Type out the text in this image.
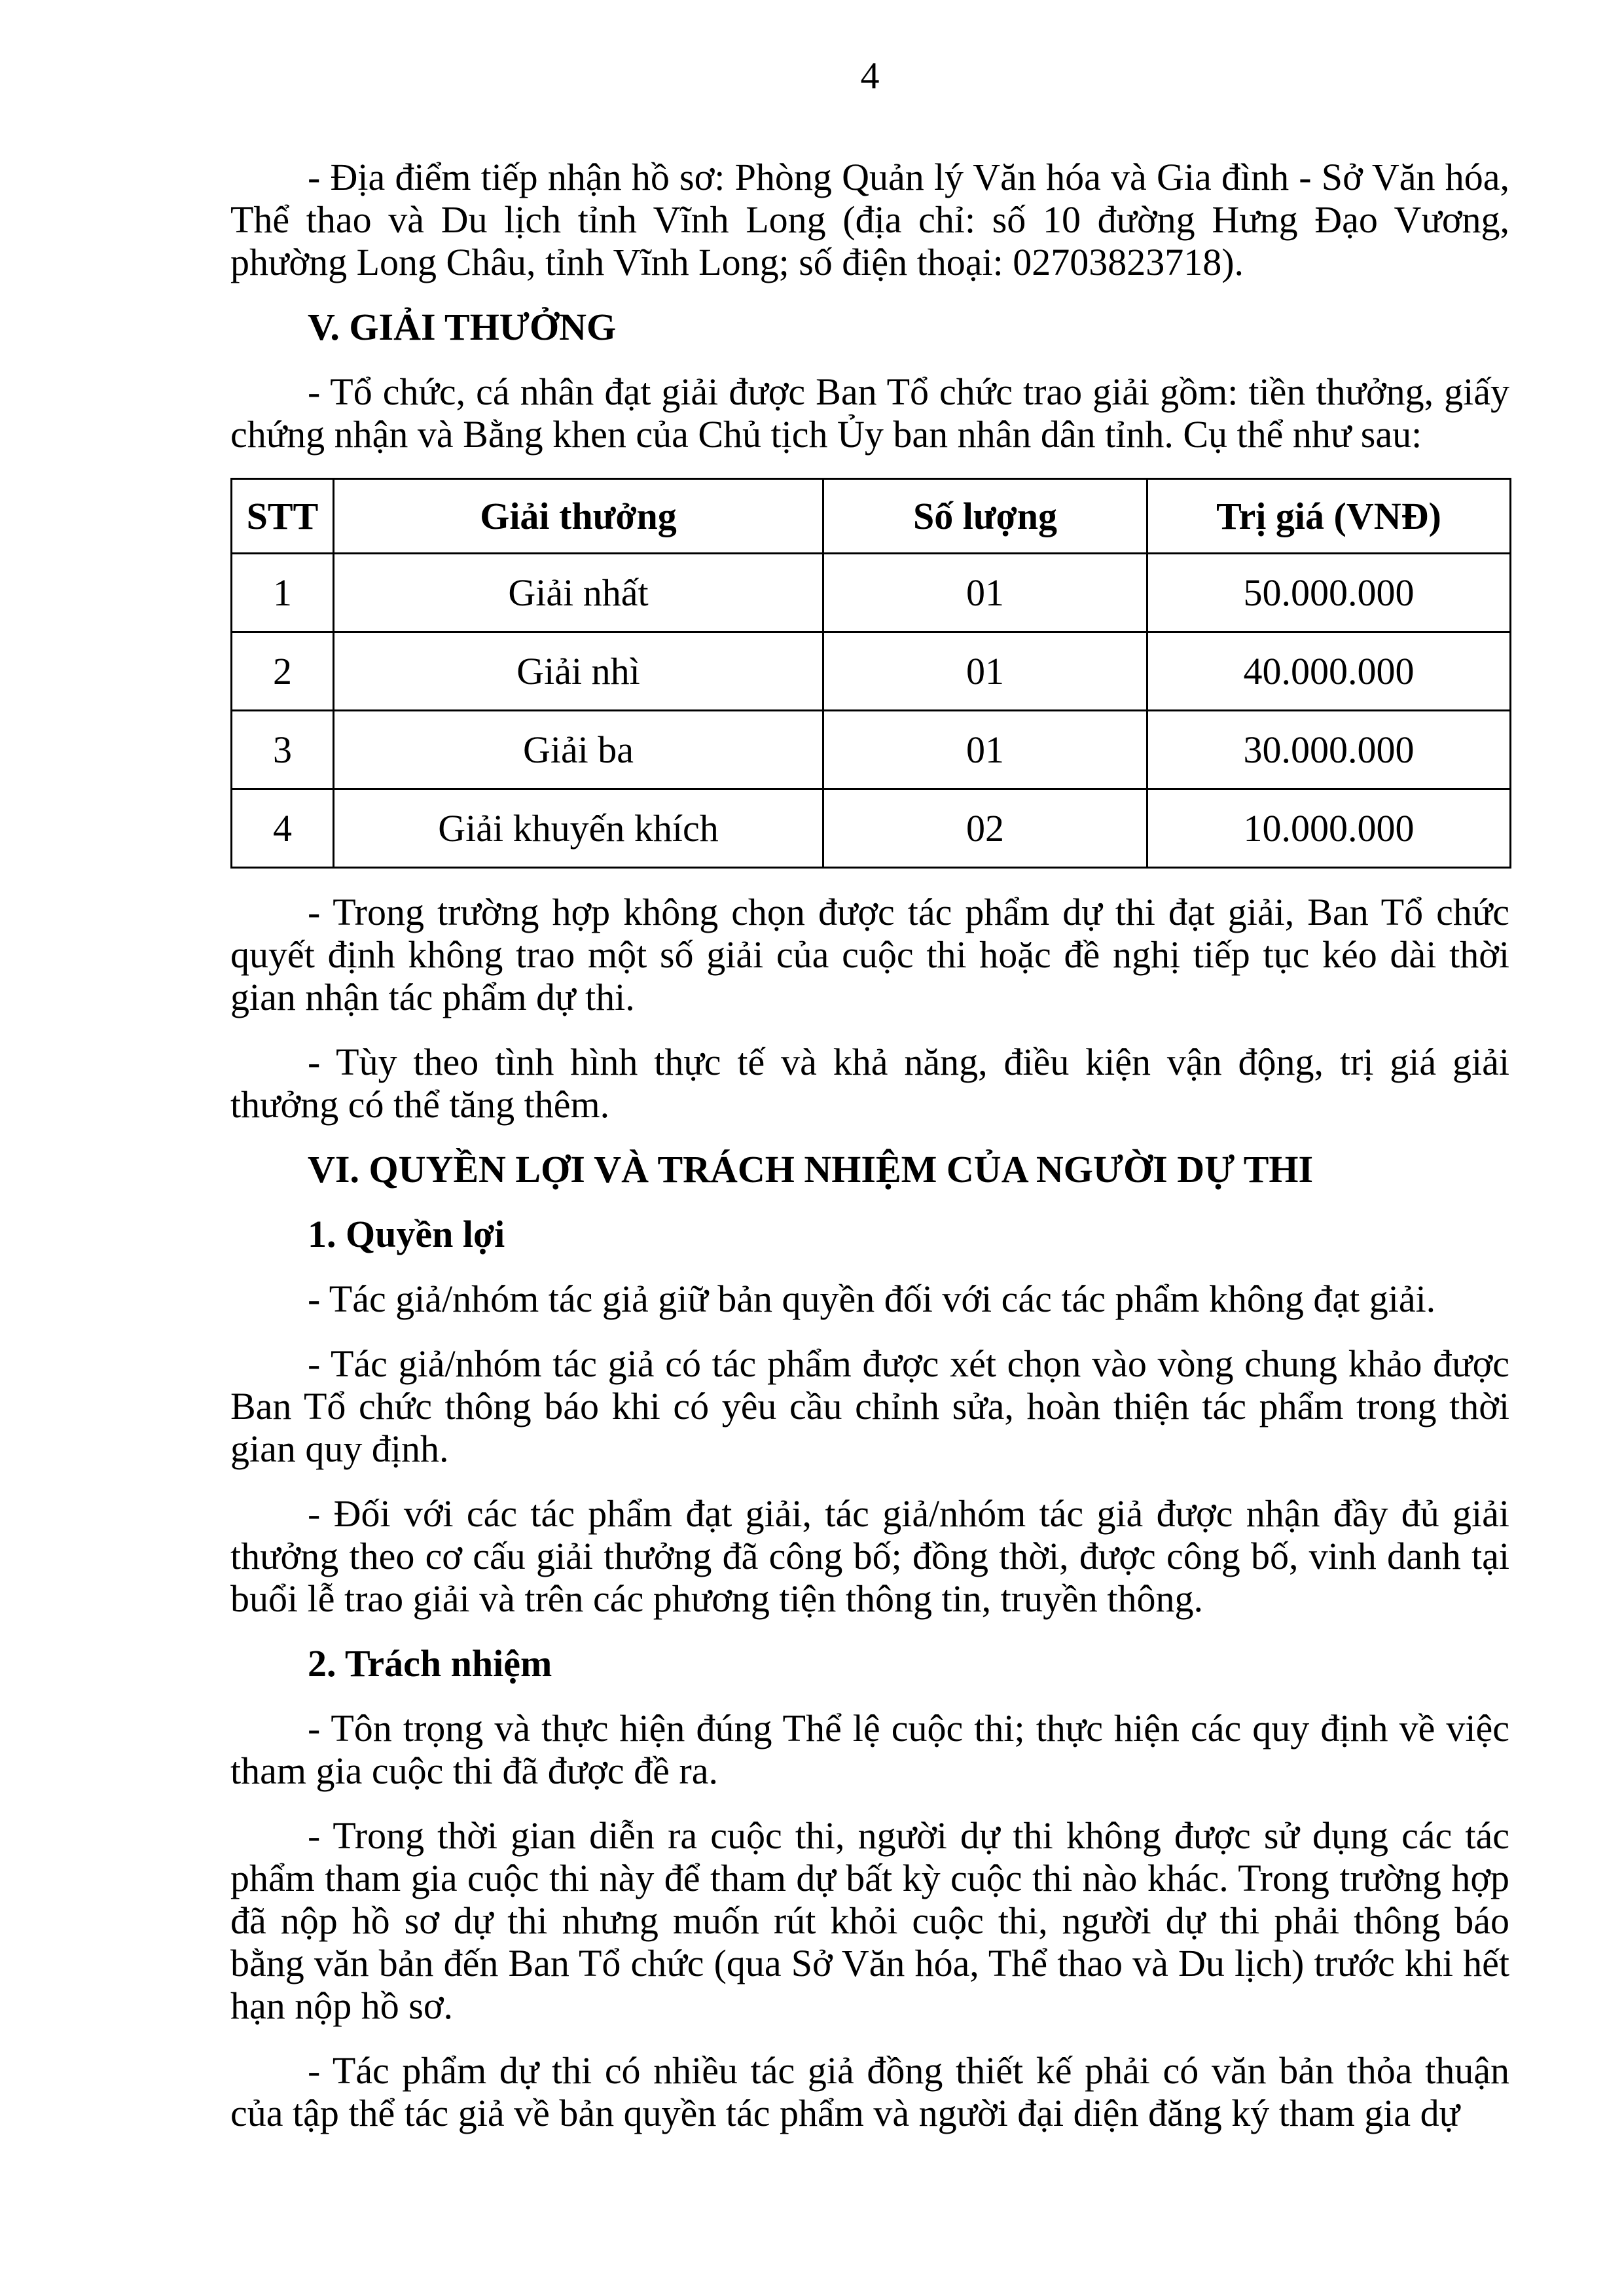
4

- Địa điểm tiếp nhận hồ sơ: Phòng Quản lý Văn hóa và Gia đình - Sở Văn hóa, Thể thao và Du lịch tỉnh Vĩnh Long (địa chỉ: số 10 đường Hưng Đạo Vương, phường Long Châu, tỉnh Vĩnh Long; số điện thoại: 02703823718).

V. GIẢI THƯỞNG

- Tổ chức, cá nhân đạt giải được Ban Tổ chức trao giải gồm: tiền thưởng, giấy chứng nhận và Bằng khen của Chủ tịch Ủy ban nhân dân tỉnh. Cụ thể như sau:

STT	Giải thưởng	Số lượng	Trị giá (VNĐ)
1	Giải nhất	01	50.000.000
2	Giải nhì	01	40.000.000
3	Giải ba	01	30.000.000
4	Giải khuyến khích	02	10.000.000

- Trong trường hợp không chọn được tác phẩm dự thi đạt giải, Ban Tổ chức quyết định không trao một số giải của cuộc thi hoặc đề nghị tiếp tục kéo dài thời gian nhận tác phẩm dự thi.

- Tùy theo tình hình thực tế và khả năng, điều kiện vận động, trị giá giải thưởng có thể tăng thêm.

VI. QUYỀN LỢI VÀ TRÁCH NHIỆM CỦA NGƯỜI DỰ THI
1. Quyền lợi

- Tác giả/nhóm tác giả giữ bản quyền đối với các tác phẩm không đạt giải.

- Tác giả/nhóm tác giả có tác phẩm được xét chọn vào vòng chung khảo được Ban Tổ chức thông báo khi có yêu cầu chỉnh sửa, hoàn thiện tác phẩm trong thời gian quy định.

- Đối với các tác phẩm đạt giải, tác giả/nhóm tác giả được nhận đầy đủ giải thưởng theo cơ cấu giải thưởng đã công bố; đồng thời, được công bố, vinh danh tại buổi lễ trao giải và trên các phương tiện thông tin, truyền thông.

2. Trách nhiệm

- Tôn trọng và thực hiện đúng Thể lệ cuộc thi; thực hiện các quy định về việc tham gia cuộc thi đã được đề ra.

- Trong thời gian diễn ra cuộc thi, người dự thi không được sử dụng các tác phẩm tham gia cuộc thi này để tham dự bất kỳ cuộc thi nào khác. Trong trường hợp đã nộp hồ sơ dự thi nhưng muốn rút khỏi cuộc thi, người dự thi phải thông báo bằng văn bản đến Ban Tổ chức (qua Sở Văn hóa, Thể thao và Du lịch) trước khi hết hạn nộp hồ sơ.

- Tác phẩm dự thi có nhiều tác giả đồng thiết kế phải có văn bản thỏa thuận của tập thể tác giả về bản quyền tác phẩm và người đại diện đăng ký tham gia dự
